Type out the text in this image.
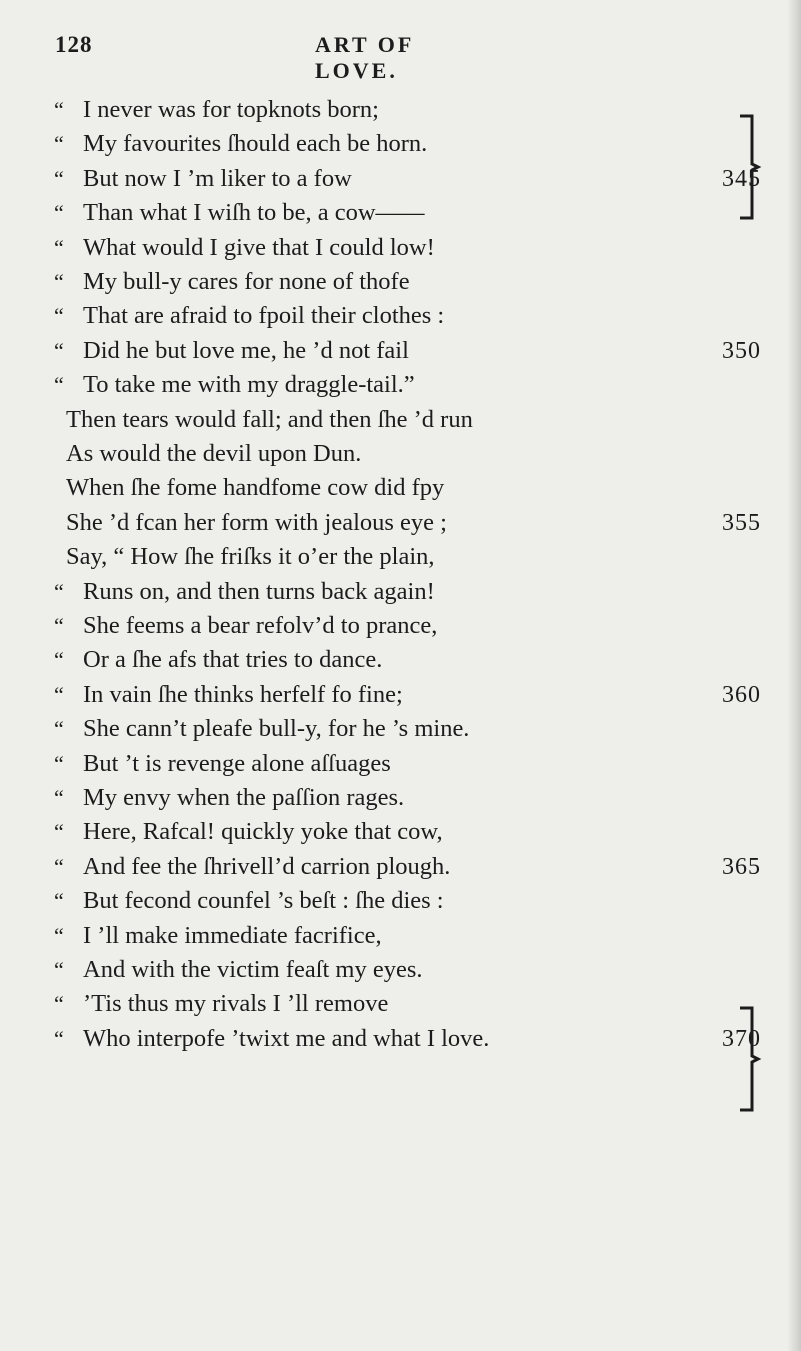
128	ART OF LOVE.
“ I never was for topknots born;
“ My favourites ſhould each be horn.
“ But now I ’m liker to a fow	345
“ Than what I wiſh to be, a cow——
“ What would I give that I could low!
“ My bull-y cares for none of thofe
“ That are afraid to fpoil their clothes :
“ Did he but love me, he ’d not fail	350
“ To take me with my draggle-tail.”
Then tears would fall; and then ſhe ’d run
As would the devil upon Dun.
When ſhe fome handfome cow did fpy
She ’d fcan her form with jealous eye ;	355
Say, “ How ſhe friſks it o’er the plain,
“ Runs on, and then turns back again!
“ She feems a bear refolv’d to prance,
“ Or a ſhe afs that tries to dance.
“ In vain ſhe thinks herfelf fo fine;	360
“ She cann’t pleafe bull-y, for he ’s mine.
“ But ’t is revenge alone aſſuages
“ My envy when the paſſion rages.
“ Here, Rafcal! quickly yoke that cow,
“ And fee the ſhrivell’d carrion plough.	365
“ But fecond counfel ’s beſt : ſhe dies :
“ I ’ll make immediate facrifice,
“ And with the victim feaſt my eyes.
“ ’Tis thus my rivals I ’ll remove
“ Who interpofe ’twixt me and what I love.	370
